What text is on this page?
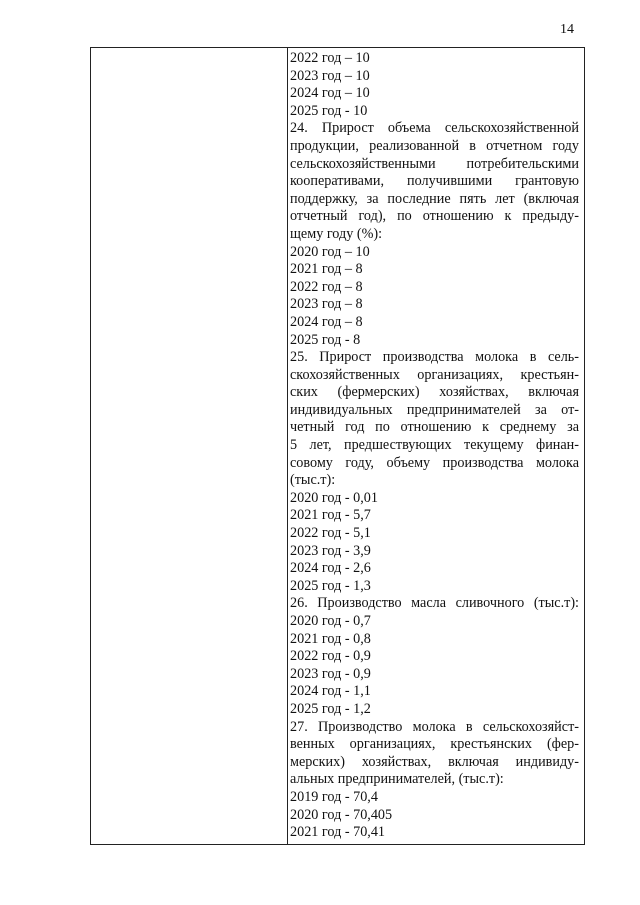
14
2022 год – 10
2023 год – 10
2024 год – 10
2025 год - 10
24. Прирост объема сельскохозяйственной
продукции, реализованной в отчетном году
сельскохозяйственными потребительскими
кооперативами, получившими грантовую
поддержку, за последние пять лет (включая
отчетный год), по отношению к предыду-
щему году (%):
2020 год – 10
2021 год – 8
2022 год – 8
2023 год – 8
2024 год – 8
2025 год - 8
25. Прирост производства молока в сель-
скохозяйственных организациях, крестьян-
ских (фермерских) хозяйствах, включая
индивидуальных предпринимателей за от-
четный год по отношению к среднему за
5 лет, предшествующих текущему финан-
совому году, объему производства молока
(тыс.т):
2020 год - 0,01
2021 год - 5,7
2022 год - 5,1
2023 год - 3,9
2024 год - 2,6
2025 год - 1,3
26. Производство масла сливочного (тыс.т):
2020 год - 0,7
2021 год - 0,8
2022 год - 0,9
2023 год - 0,9
2024 год - 1,1
2025 год - 1,2
27. Производство молока в сельскохозяйст-
венных организациях, крестьянских (фер-
мерских) хозяйствах, включая индивиду-
альных предпринимателей, (тыс.т):
2019 год - 70,4
2020 год - 70,405
2021 год - 70,41
